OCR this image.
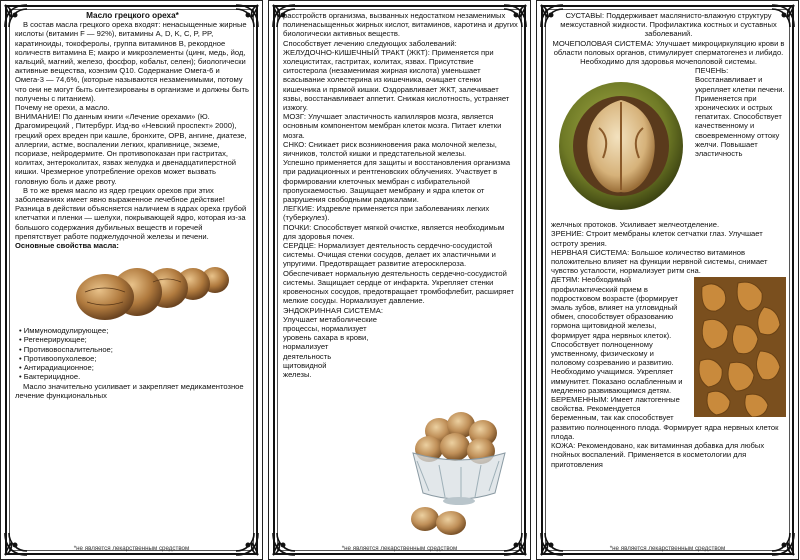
Масло грецкого ореха*

В состав масла грецкого ореха входят: ненасыщенные жирные кислоты (витамин F — 92%), витамины A, D, K, C, P, PP, каратиноиды, токоферолы, группа витаминов B, рекордное количеств витамина E; макро и микроэлементы (цинк, медь, йод, кальций, магний, железо, фосфор, кобальт, селен); биологически активные вещества, коэнзим Q10. Содержание Омега-6 и Омега-3 — 74,6%, (которые называются незаменимыми, потому что они не могут быть синтезированы в организме и должны быть получены с питанием).

Почему не орехи, а масло.

ВНИМАНИЕ! По данным книги «Лечение орехами» (Ю. Драгомирецкий , Питербург. Изд-во «Невский проспект» 2000), грецкий орех вреден при кашле, бронхите, ОРВ, ангине, диатезе, аллергии, астме, воспалении легких, крапивнице, экземе, псориазе, нейродермите. Он противопоказан при гастритах, колитах, энтероколитах, язвах желудка и двенадцатиперстной кишки. Чрезмерное употребление орехов может вызвать головную боль и даже рвоту.

В то же время масло из ядер грецких орехов при этих заболеваниях имеет явно выраженное лечебное действие! Разница в действии объясняется наличием в ядрах ореха грубой клетчатки и пленки — шелухи, покрывающей ядро, которая из-за большого содержания дубильных веществ и горечей препятствует работе поджелудочной железы и печени.

Основные свойства масла:
• Иммуномодулирующее;
• Регенерирующее;
• Противовоспалительное;
• Противоопухолевое;
• Антирадиационное;
• Бактерицидное.

Масло значительно усиливает и закрепляет медикаментозное лечение функциональных

*не является лекарственным средством

расстройств организма, вызванных недостатком незаменимых полиненасыщенных жирных кислот, витаминов, каротина и других биологически активных веществ.

Способствует лечению следующих заболеваний:

ЖЕЛУДОЧНО-КИШЕЧНЫЙ ТРАКТ (ЖКТ): Применяется при холециститах, гастритах, колитах, язвах. Присутствие ситостерола (незаменимая жирная кислота) уменьшает всасывание холестерина из кишечника, очищает стенки кишечника и прямой кишки. Оздоравливает ЖКТ, залечивает язвы, восстанавливает аппетит. Снижая кислотность, устраняет изжогу.

МОЗГ: Улучшает эластичность капилляров мозга, является основным компонентом мембран клеток мозга. Питает клетки мозга.

СНКО: Снижает риск возникновения рака молочной железы, яичников, толстой кишки и предстательной железы.

Успешно применяется для защиты и восстановления организма при радиационных и рентгеновских облучениях. Участвует в формировании клеточных мембран с избирательной пропускаемостью. Защищает мембрану и ядра клеток от разрушения свободными радикалами.

ЛЕГКИЕ: Издревле применяется при заболеваниях легких (туберкулез).

ПОЧКИ: Способствует мягкой очистке, является необходимым для здоровья почек.

СЕРДЦЕ: Нормализует деятельность сердечно-сосудистой системы. Очищая стенки сосудов, делает их эластичными и упругими. Предотвращает развитие атеросклероза. Обеспечивает нормальную деятельность сердечно-сосудистой системы. Защищает сердце от инфаркта. Укрепляет стенки кровеносных сосудов, предотвращает тромбофлебит, расширяет мелкие сосуды. Нормализует давление.

ЭНДОКРИННАЯ СИСТЕМА:
Улучшает метаболические
процессы, нормализует
уровень сахара в крови,
нормализует
деятельность
щитовидной
железы.
*не является лекарственным средством

СУСТАВЫ: Поддерживает маслянисто-влажную структуру межсуставной жидкости. Профилактика костных и суставных заболеваний.

МОЧЕПОЛОВАЯ СИСТЕМА: Улучшает микроциркуляцию крови в области половых органов, стимулирует сперматогенез и либидо. Необходимо для здоровья мочеполовой системы.

ПЕЧЕНЬ: Восстанавливает и укрепляет клетки печени. Применяется при хронических и острых гепатитах. Способствует качественному и своевременному оттоку желчи. Повышает эластичность

желчных протоков. Усиливает желчеотделение.

ЗРЕНИЕ: Строит мембраны клеток сетчатки глаз. Улучшает остроту зрения.

НЕРВНАЯ СИСТЕМА: Большое количество витаминов положительно влияет на функции нервной системы, снимает чувство усталости, нормализует ритм сна.

ДЕТЯМ: Необходимый профилактический прием в подростковом возрасте (формирует эмаль зубов, влияет на угловидный обмен, способствует образованию гормона щитовидной железы, формирует ядра нервных клеток). Способствует полноценному умственному, физическому и половому созреванию и развитию. Необходимо учащимся. Укрепляет иммунитет. Показано ослабленным и медленно развивающимся детям.

БЕРЕМЕННЫМ: Имеет лактогенные свойства. Рекомендуется беременным, так как способствует развитию полноценного плода. Формирует ядра нервных клеток плода.

КОЖА: Рекомендовано, как витаминная добавка для любых гнойных воспалений. Применяется в косметологии для приготовления

*не является лекарственным средством
